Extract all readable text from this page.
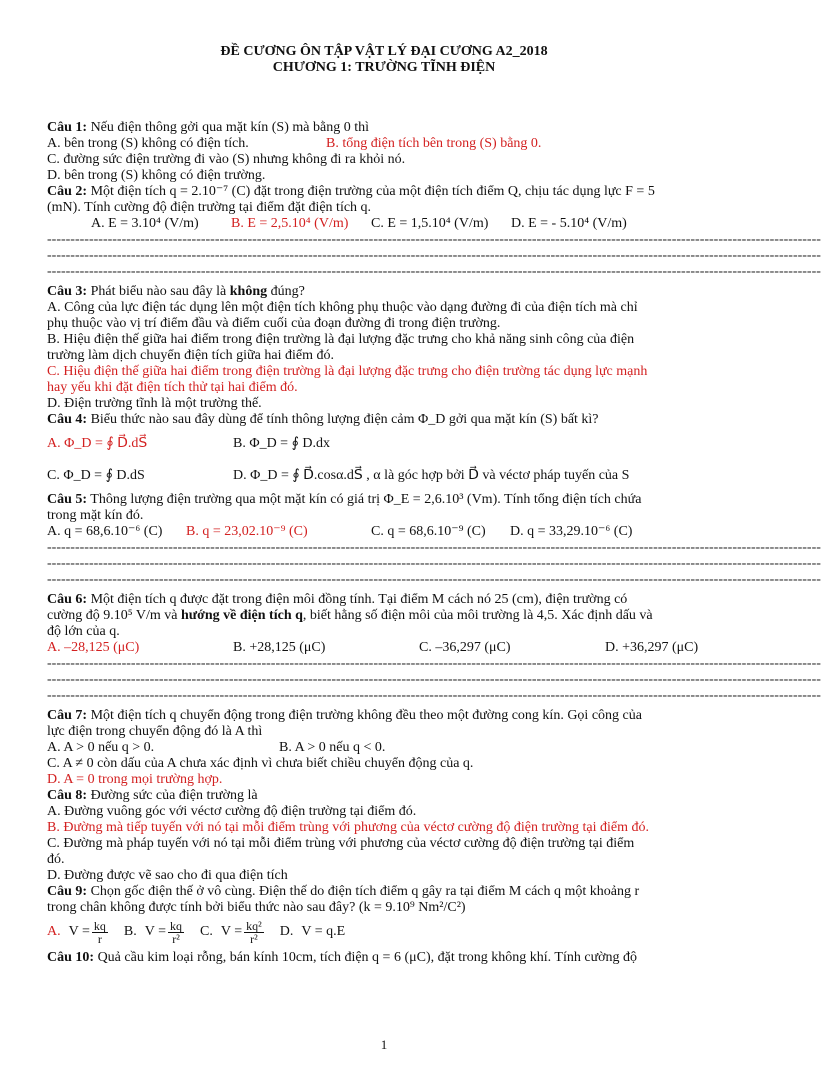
ĐỀ CƯƠNG ÔN TẬP VẬT LÝ ĐẠI CƯƠNG A2_2018
CHƯƠNG 1: TRƯỜNG TĨNH ĐIỆN
Câu 1: Nếu điện thông gởi qua mặt kín (S) mà bằng 0 thì
A. bên trong (S) không có điện tích.	B. tổng điện tích bên trong (S) bằng 0.
C. đường sức điện trường đi vào (S) nhưng không đi ra khỏi nó.
D. bên trong (S) không có điện trường.
Câu 2: Một điện tích q = 2.10⁻⁷ (C) đặt trong điện trường của một điện tích điểm Q, chịu tác dụng lực F = 5
(mN). Tính cường độ điện trường tại điểm đặt điện tích q.
A. E = 3.10⁴ (V/m)	B. E = 2,5.10⁴ (V/m)	C. E = 1,5.10⁴ (V/m)	D. E = - 5.10⁴ (V/m)
----------------------------------------------------------------------------------------------------------------------------------------------------------------------
----------------------------------------------------------------------------------------------------------------------------------------------------------------------
----------------------------------------------------------------------------------------------------------------------------------------------------------------------
Câu 3: Phát biểu nào sau đây là không đúng?
A. Công của lực điện tác dụng lên một điện tích không phụ thuộc vào dạng đường đi của điện tích mà chỉ
phụ thuộc vào vị trí điểm đầu và điểm cuối của đoạn đường đi trong điện trường.
B. Hiệu điện thế giữa hai điểm trong điện trường là đại lượng đặc trưng cho khả năng sinh công của điện
trường làm dịch chuyển điện tích giữa hai điểm đó.
C. Hiệu điện thế giữa hai điểm trong điện trường là đại lượng đặc trưng cho điện trường tác dụng lực mạnh
hay yếu khi đặt điện tích thử tại hai điểm đó.
D. Điện trường tĩnh là một trường thế.
Câu 4: Biểu thức nào sau đây dùng để tính thông lượng điện cảm Φ_D gởi qua mặt kín (S) bất kì?
A. Φ_D = ∮ D⃗.dS⃗	B. Φ_D = ∮ D.dx
C. Φ_D = ∮ D.dS	D. Φ_D = ∮ D⃗.cosα.dS⃗ , α là góc hợp bởi D⃗ và véctơ pháp tuyến của S
Câu 5: Thông lượng điện trường qua một mặt kín có giá trị Φ_E = 2,6.10³ (Vm). Tính tổng điện tích chứa
trong mặt kín đó.
A. q = 68,6.10⁻⁶ (C)	B. q = 23,02.10⁻⁹ (C)	C. q = 68,6.10⁻⁹ (C)	D. q = 33,29.10⁻⁶ (C)
----------------------------------------------------------------------------------------------------------------------------------------------------------------------
----------------------------------------------------------------------------------------------------------------------------------------------------------------------
----------------------------------------------------------------------------------------------------------------------------------------------------------------------
Câu 6: Một điện tích q được đặt trong điện môi đồng tính. Tại điểm M cách nó 25 (cm), điện trường có
cường độ 9.10⁵ V/m và hướng về điện tích q, biết hằng số điện môi của môi trường là 4,5. Xác định dấu và
độ lớn của q.
A. –28,125 (μC)	B. +28,125 (μC)	C. –36,297 (μC)	D. +36,297 (μC)
----------------------------------------------------------------------------------------------------------------------------------------------------------------------
----------------------------------------------------------------------------------------------------------------------------------------------------------------------
----------------------------------------------------------------------------------------------------------------------------------------------------------------------
Câu 7: Một điện tích q chuyển động trong điện trường không đều theo một đường cong kín. Gọi công của
lực điện trong chuyển động đó là A thì
A. A > 0 nếu q > 0.	B. A > 0 nếu q < 0.
C. A ≠ 0 còn dấu của A chưa xác định vì chưa biết chiều chuyển động của q.
D. A = 0 trong mọi trường hợp.
Câu 8: Đường sức của điện trường là
A. Đường vuông góc với véctơ cường độ điện trường tại điểm đó.
B. Đường mà tiếp tuyến với nó tại mỗi điểm trùng với phương của véctơ cường độ điện trường tại điểm đó.
C. Đường mà pháp tuyến với nó tại mỗi điểm trùng với phương của véctơ cường độ điện trường tại điểm
đó.
D. Đường được vẽ sao cho đi qua điện tích
Câu 9: Chọn gốc điện thế ở vô cùng. Điện thế do điện tích điểm q gây ra tại điểm M cách q một khoảng r
trong chân không được tính bởi biểu thức nào sau đây? (k = 9.10⁹ Nm²/C²)
A. $V = \frac{kq}{r} B$. $V = \frac{kq}{\text{r²}} C$. $V = \frac{\text{kq²}}{\text{r²}} D$. V = q.E
Câu 10: Quả cầu kim loại rỗng, bán kính 10cm, tích điện q = 6 (μC), đặt trong không khí. Tính cường độ
1
